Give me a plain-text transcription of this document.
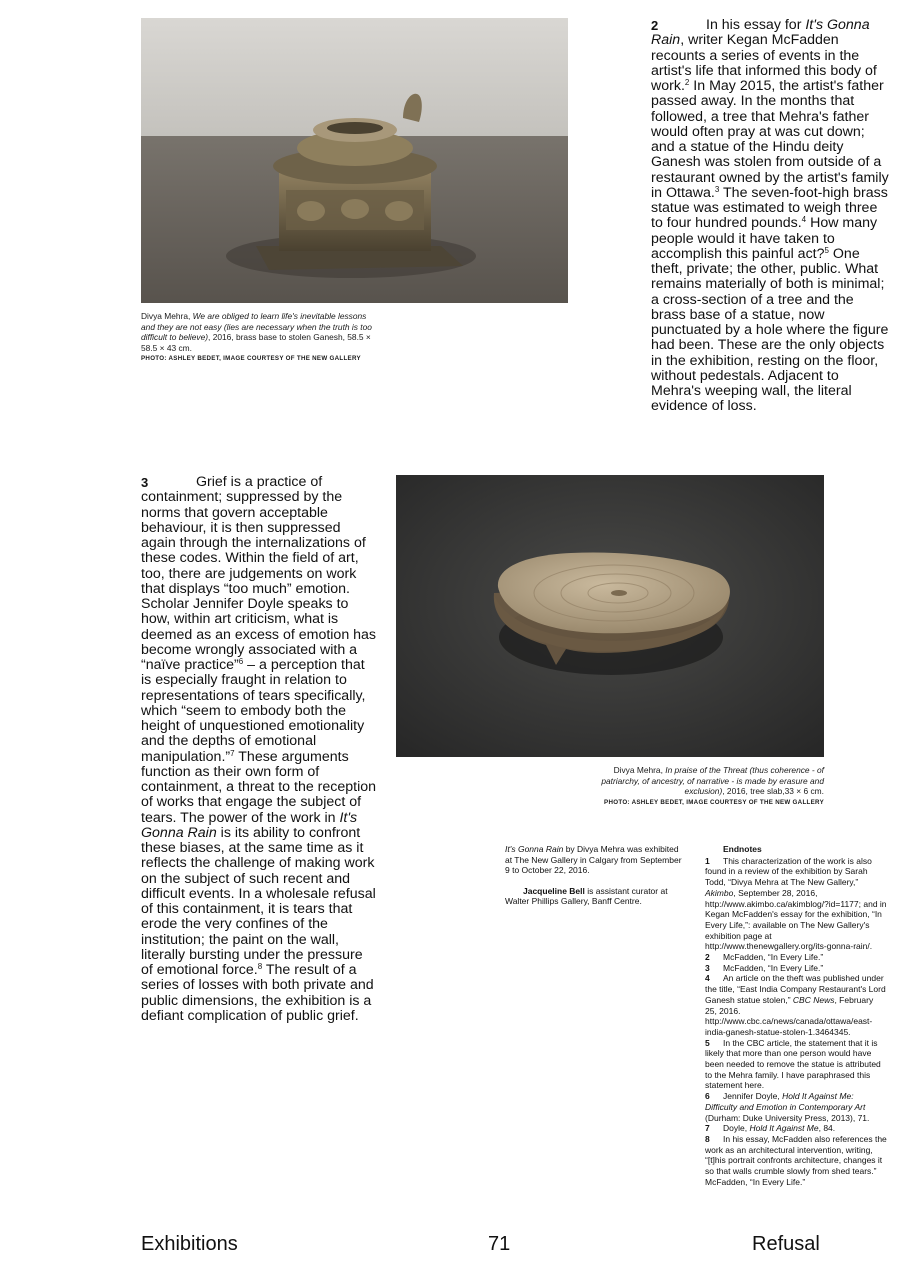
Divya Mehra, We are obliged to learn life's inevitable lessons and they are not easy (lies are necessary when the truth is too difficult to believe), 2016, brass base to stolen Ganesh, 58.5 × 58.5 × 43 cm.
PHOTO: ASHLEY BEDET, IMAGE COURTESY OF THE NEW GALLERY
2	In his essay for It's Gonna Rain, writer Kegan McFadden recounts a series of events in the artist's life that informed this body of work.$^2$ In May 2015, the artist's father passed away. In the months that followed, a tree that Mehra's father would often pray at was cut down; and a statue of the Hindu deity Ganesh was stolen from outside of a restaurant owned by the artist's family in Ottawa.$^3$ The seven-foot-high brass statue was estimated to weigh three to four hundred pounds.$^4$ How many people would it have taken to accomplish this painful act?$^5$ One theft, private; the other, public. What remains materially of both is minimal; a cross-section of a tree and the brass base of a statue, now punctuated by a hole where the figure had been. These are the only objects in the exhibition, resting on the floor, without pedestals. Adjacent to Mehra's weeping wall, the literal evidence of loss.

3	Grief is a practice of containment; suppressed by the norms that govern acceptable behaviour, it is then suppressed again through the internalizations of these codes. Within the field of art, too, there are judgements on work that displays “too much” emotion. Scholar Jennifer Doyle speaks to how, within art criticism, what is deemed as an excess of emotion has become wrongly associated with a “naïve practice”$^6$ – a perception that is especially fraught in relation to representations of tears specifically, which “seem to embody both the height of unquestioned emotionality and the depths of emotional manipulation.”$^7$ These arguments function as their own form of containment, a threat to the reception of works that engage the subject of tears. The power of the work in It's Gonna Rain is its ability to confront these biases, at the same time as it reflects the challenge of making work on the subject of such recent and difficult events. In a wholesale refusal of this containment, it is tears that erode the very confines of the institution; the paint on the wall, literally bursting under the pressure of emotional force.$^8$ The result of a series of losses with both private and public dimensions, the exhibition is a defiant complication of public grief.

Divya Mehra, In praise of the Threat (thus coherence - of patriarchy, of ancestry, of narrative - is made by erasure and exclusion), 2016, tree slab,33 × 6 cm.
PHOTO: ASHLEY BEDET, IMAGE COURTESY OF THE NEW GALLERY

It's Gonna Rain by Divya Mehra was exhibited at The New Gallery in Calgary from September 9 to October 22, 2016.

Jacqueline Bell is assistant curator at Walter Phillips Gallery, Banff Centre.

Endnotes

1 This characterization of the work is also found in a review of the exhibition by Sarah Todd, “Divya Mehra at The New Gallery,” Akimbo, September 28, 2016, http://www.akimbo.ca/akimblog/?id=1177; and in Kegan McFadden's essay for the exhibition, “In Every Life,”: available on The New Gallery's exhibition page at http://www.thenewgallery.org/its-gonna-rain/.

2 McFadden, “In Every Life.”

3 McFadden, “In Every Life.”

4 An article on the theft was published under the title, “East India Company Restaurant's Lord Ganesh statue stolen,” CBC News, February 25, 2016. http://www.cbc.ca/news/canada/ottawa/east-india-ganesh-statue-stolen-1.3464345.

5 In the CBC article, the statement that it is likely that more than one person would have been needed to remove the statue is attributed to the Mehra family. I have paraphrased this statement here.

6 Jennifer Doyle, Hold It Against Me: Difficulty and Emotion in Contemporary Art (Durham: Duke University Press, 2013), 71.

7 Doyle, Hold It Against Me, 84.

8 In his essay, McFadden also references the work as an architectural intervention, writing, “[t]his portrait confronts architecture, changes it so that walls crumble slowly from shed tears.” McFadden, “In Every Life.”

Exhibitions	71	Refusal
